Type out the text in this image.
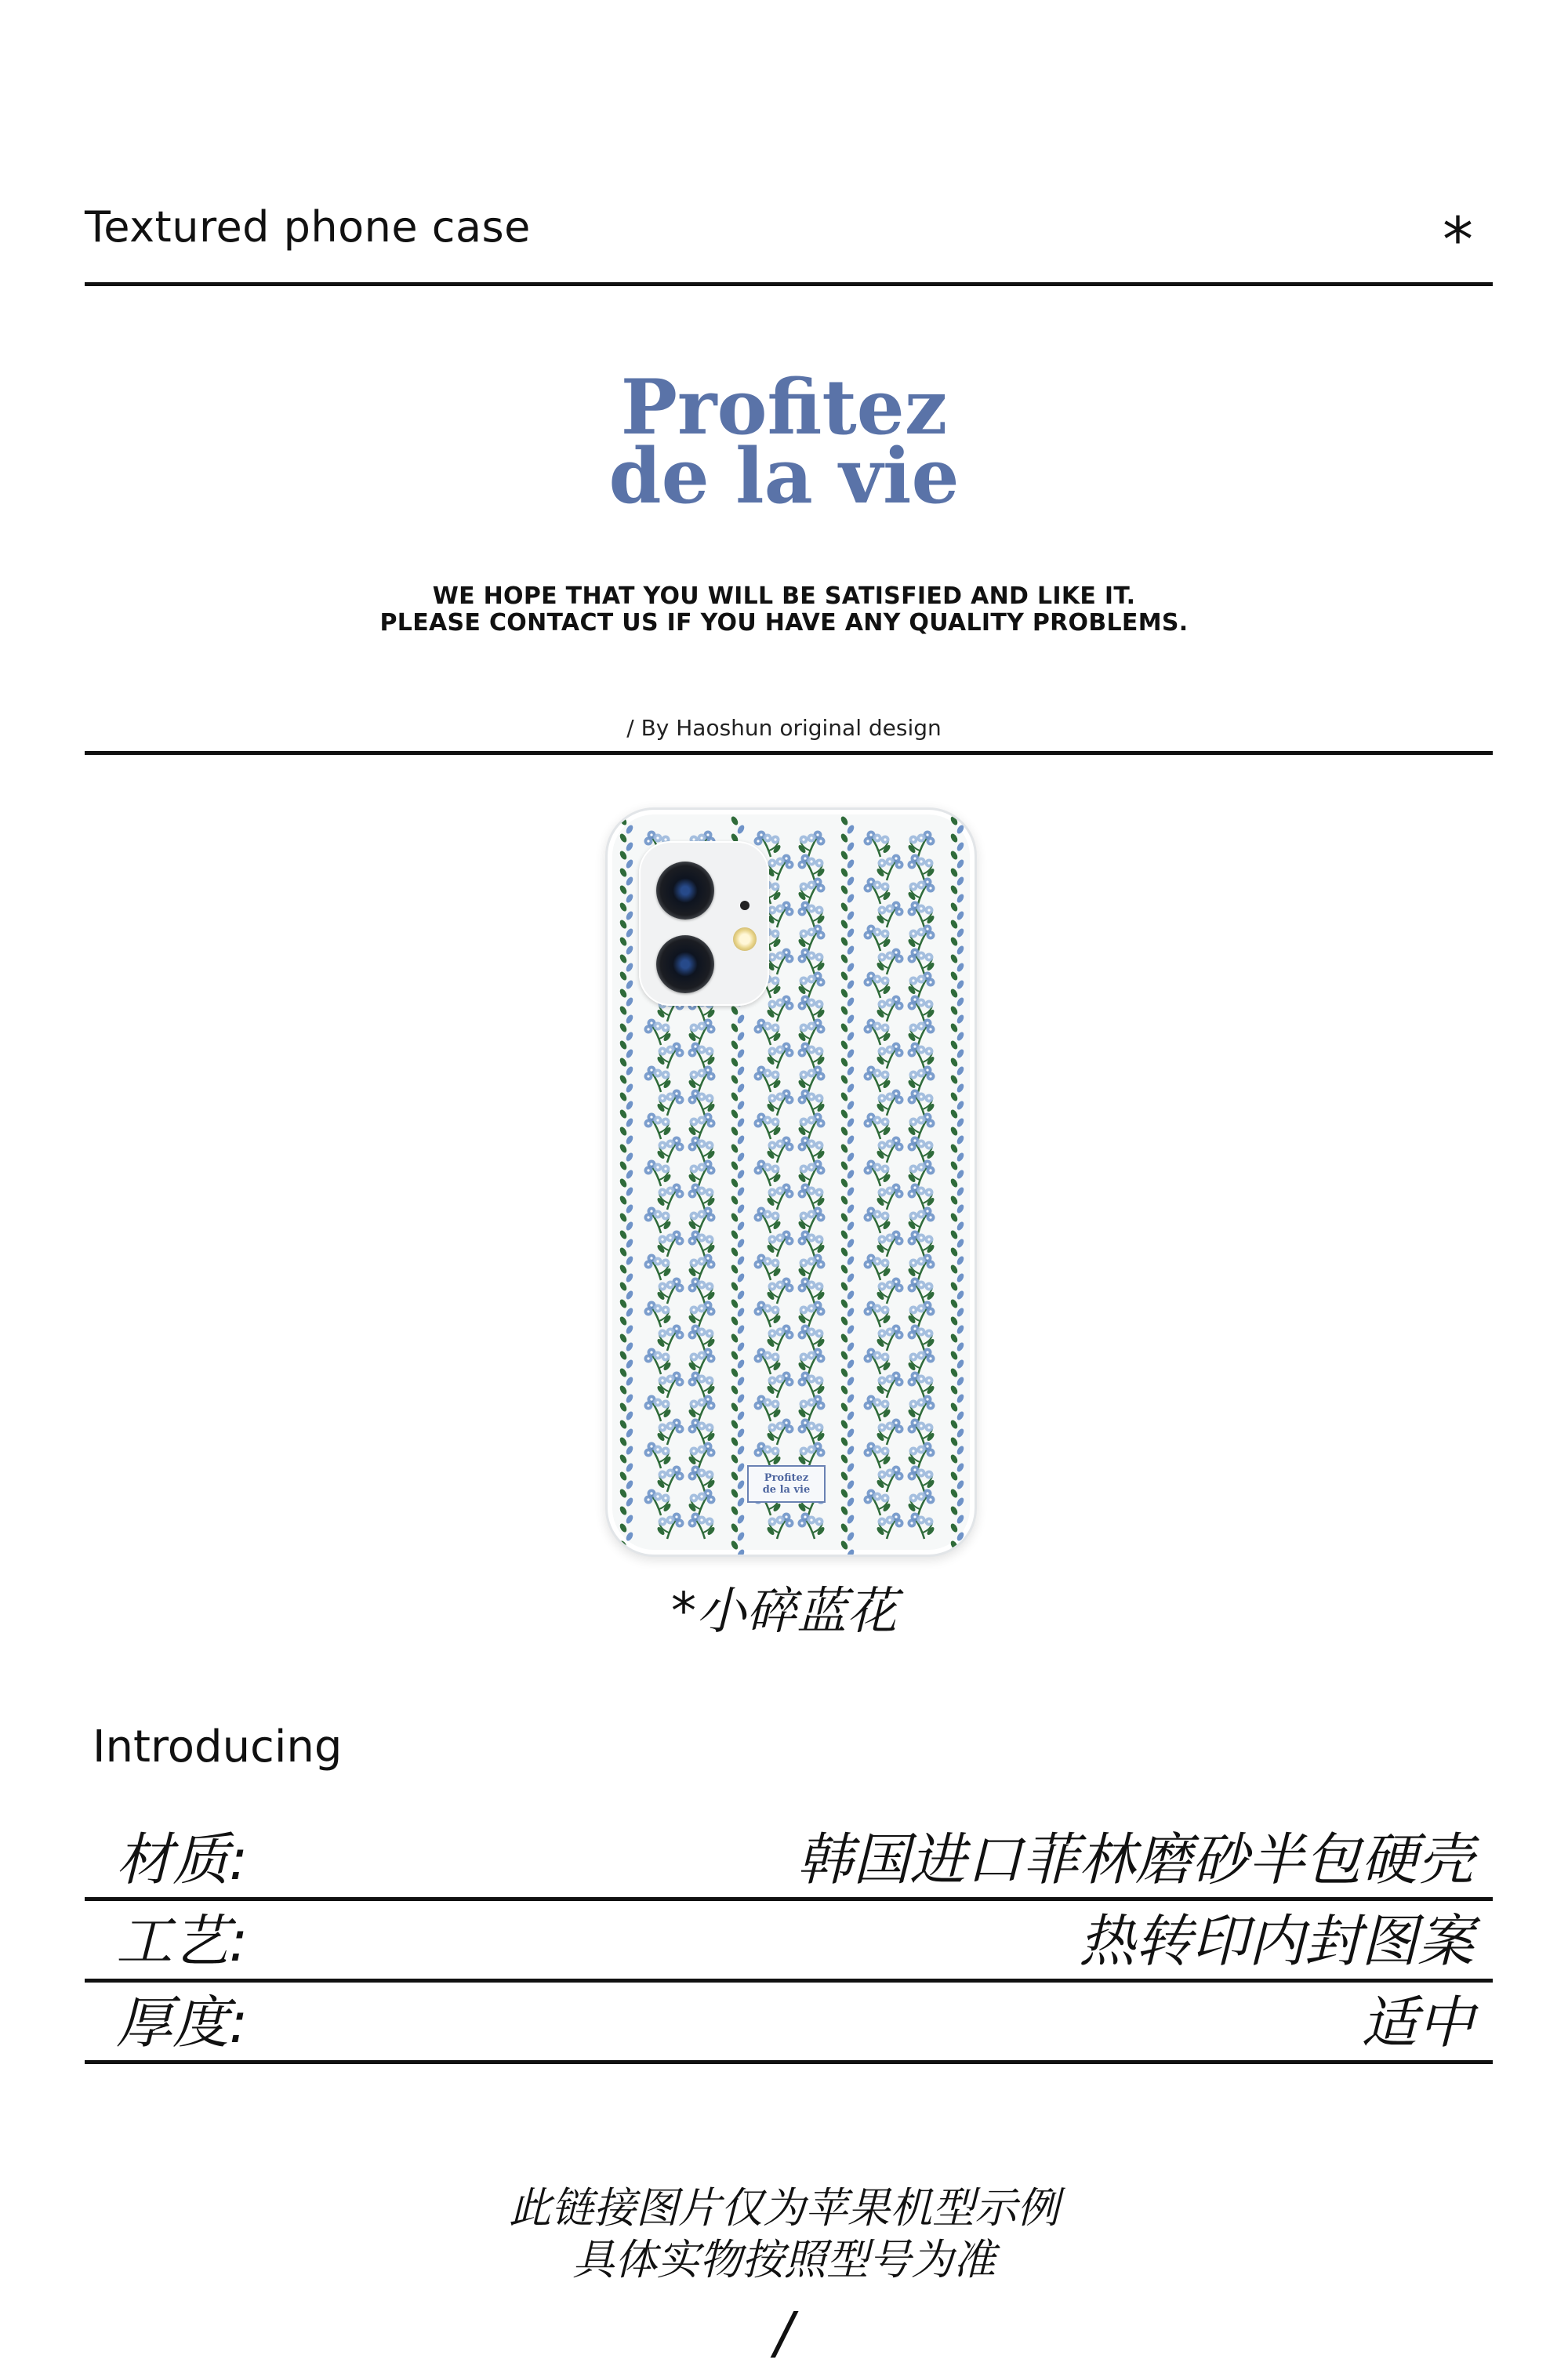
Textured phone case	*
Profitez
de la vie
WE HOPE THAT YOU WILL BE SATISFIED AND LIKE IT.
PLEASE CONTACT US IF YOU HAVE ANY QUALITY PROBLEMS.
/ By Haoshun original design
Profitez
de la vie
*小碎蓝花
Introducing
材质:	韩国进口菲林磨砂半包硬壳
工艺:	热转印内封图案
厚度:	适中
此链接图片仅为苹果机型示例
具体实物按照型号为准
/
